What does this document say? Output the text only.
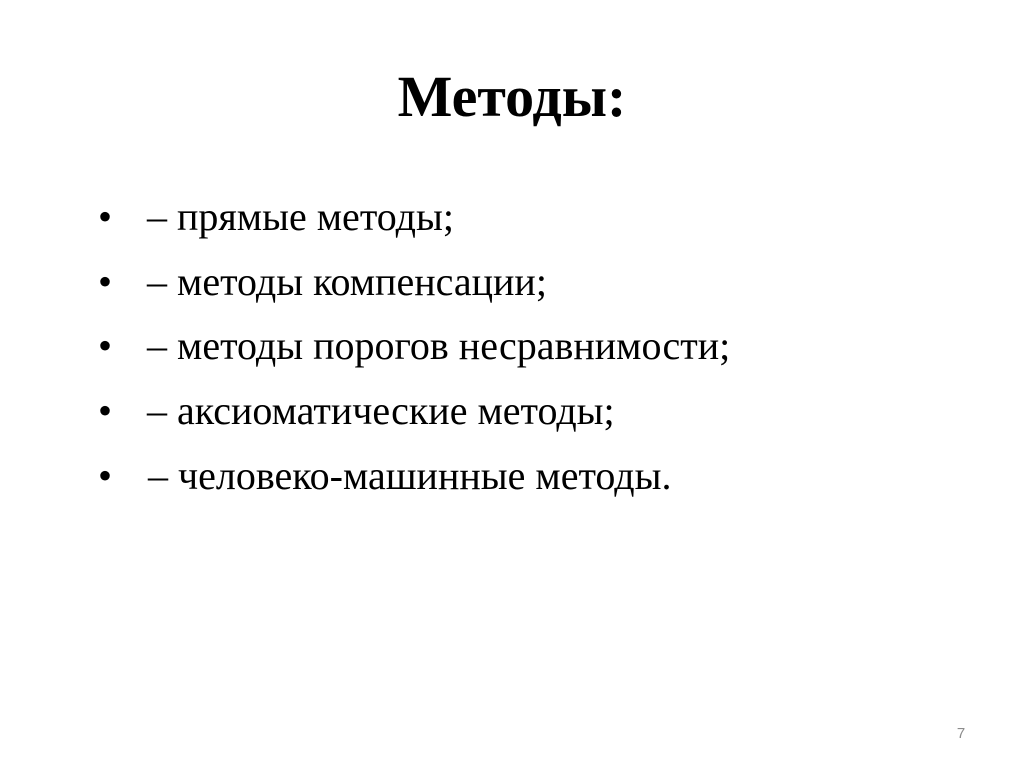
Методы:
• – прямые методы;
• – методы компенсации;
• – методы порогов несравнимости;
• – аксиоматические методы;
• – человеко-машинные методы.
7
